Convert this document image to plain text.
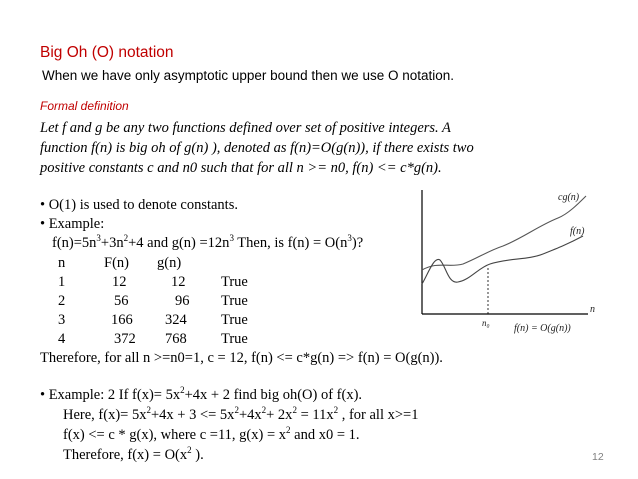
Big Oh (O) notation
When we have only asymptotic upper bound then we use O notation.
Formal definition
Let f and g be any two functions defined over set of positive integers. A
function f(n) is big oh of g(n) ), denoted as f(n)=O(g(n)), if there exists two
positive constants c and n0 such that for all n >= n0, f(n) <= c*g(n).
• O(1) is used to denote constants.
• Example:
$f(n)=5n^3+3n^2+4$ and $g(n) =12n^3$ Then, is $f(n) = O(n^3)$?
n	F(n) g(n)
1	12	12 True
2	56	96 True
3	166 324 True
4	372 768 True
Therefore, for all n >=n0=1, c = 12, f(n) <= c*g(n) => f(n) = O(g(n)).
• Example: 2 If $f(x)= 5x^2+4x + 2$ find big oh(O) of f(x).
Here, $f(x)= 5x^2+4x + 3 <= 5x^2+4x^2+ 2x^2 = 11x^2$ , for all x>=1
f(x) <= c * g(x), where c =11, $g(x) = x^2$ and x0 = 1.
Therefore, $f(x) = O(x^2$ ).
cg(n)
f(n)
n
n₀ f(n) = O(g(n))
12
